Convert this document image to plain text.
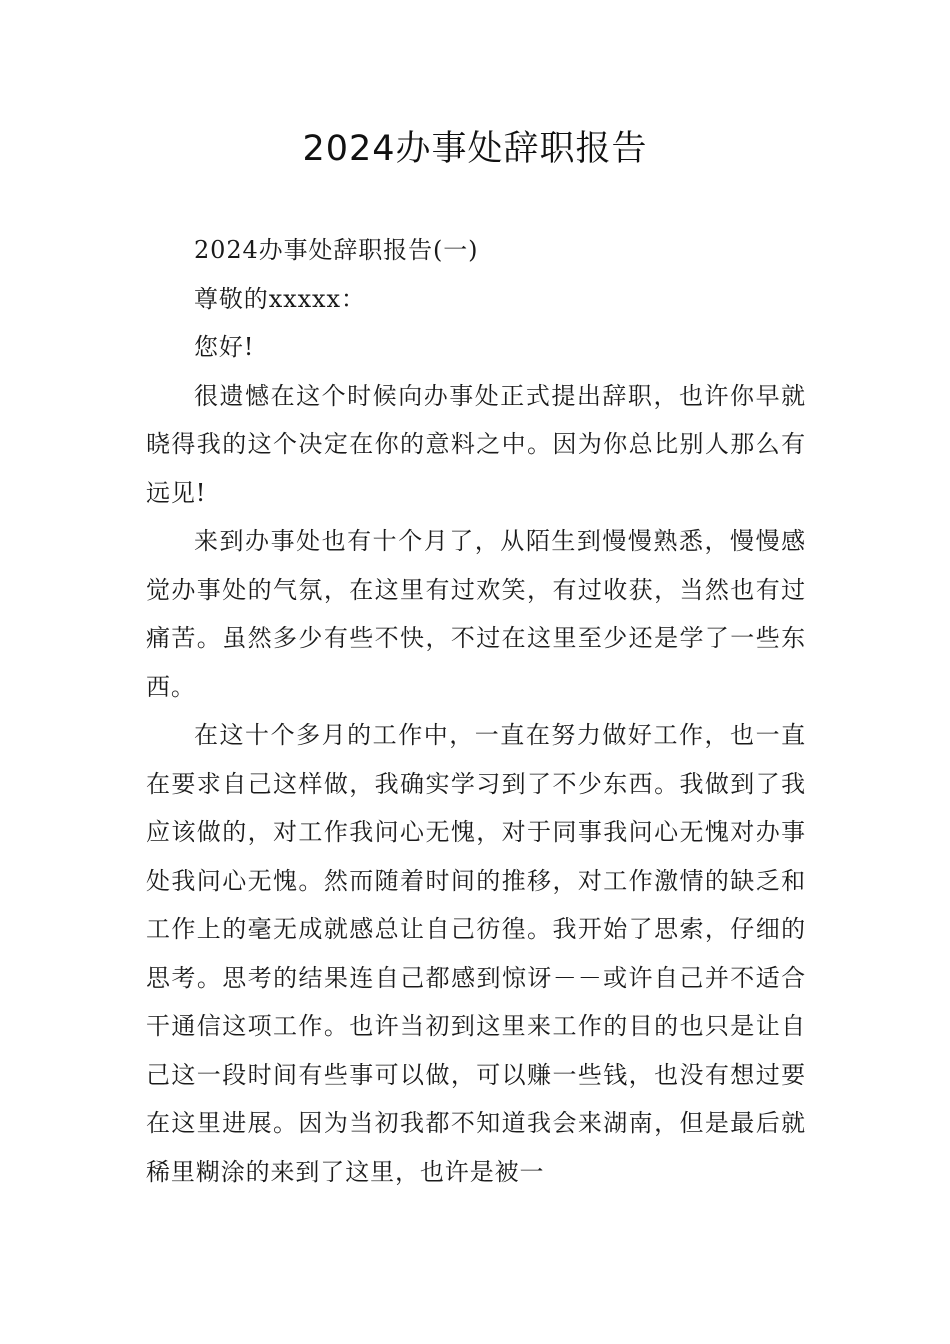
2024办事处辞职报告

2024办事处辞职报告(一)

尊敬的xxxxx：

您好!

很遗憾在这个时候向办事处正式提出辞职，也许你早就晓得我的这个决定在你的意料之中。因为你总比别人那么有远见!

来到办事处也有十个月了，从陌生到慢慢熟悉，慢慢感觉办事处的气氛，在这里有过欢笑，有过收获，当然也有过痛苦。虽然多少有些不快，不过在这里至少还是学了一些东西。

在这十个多月的工作中，一直在努力做好工作，也一直在要求自己这样做，我确实学习到了不少东西。我做到了我应该做的，对工作我问心无愧，对于同事我问心无愧对办事处我问心无愧。然而随着时间的推移，对工作激情的缺乏和工作上的毫无成就感总让自己彷徨。我开始了思索，仔细的思考。思考的结果连自己都感到惊讶－－或许自己并不适合干通信这项工作。也许当初到这里来工作的目的也只是让自己这一段时间有些事可以做，可以赚一些钱，也没有想过要在这里进展。因为当初我都不知道我会来湖南，但是最后就稀里糊涂的来到了这里，也许是被一
